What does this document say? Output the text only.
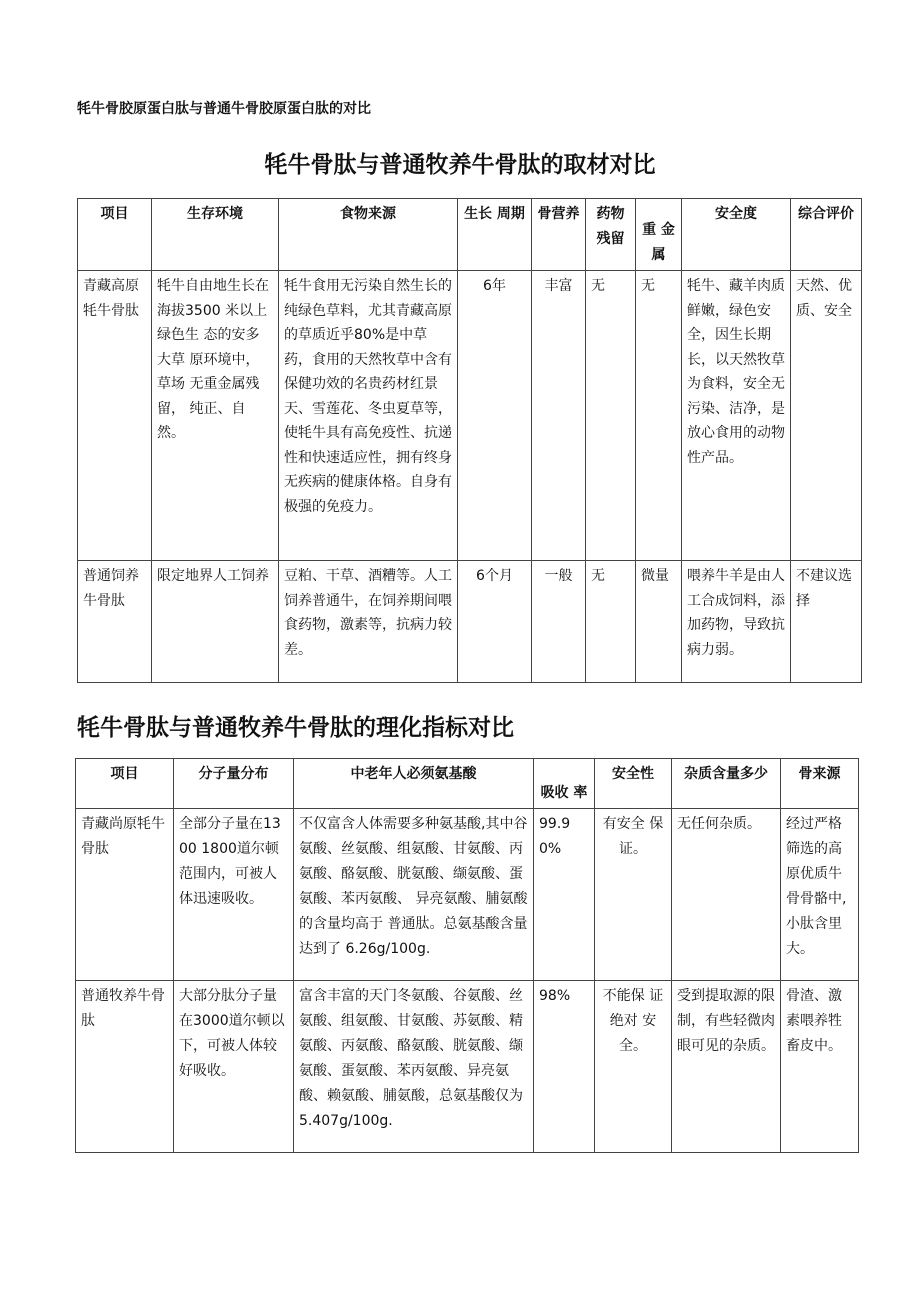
牦牛骨胶原蛋白肽与普通牛骨胶原蛋白肽的对比
牦牛骨肽与普通牧养牛骨肽的取材对比
项目	生存环境	食物来源	生长 周期	骨营养	药物残留	重 金属	安全度	综合评价
青藏高原牦牛骨肽	牦牛自由地生长在海拔3500 米以上绿色生 态的安多大草 原环境中，草场 无重金属残留， 纯正、自然。	牦牛食用无污染自然生长的纯绿色草料，尤其青藏高原的草质近乎80%是中草药，食用的天然牧草中含有保健功效的名贵药材红景天、雪莲花、冬虫夏草等，使牦牛具有高免疫性、抗递性和快速适应性，拥有终身无疾病的健康体格。自身有极强的免疫力。	6年	丰富	无	无	牦牛、藏羊肉质鲜嫩，绿色安全，因生长期长，以天然牧草为食料，安全无污染、洁净，是放心食用的动物性产品。	天然、优质、安全
普通饲养牛骨肽	限定地界人工饲养	豆粕、干草、酒糟等。人工饲养普通牛，在饲养期间喂食药物，激素等，抗病力较差。	6个月	一般	无	微量	喂养牛羊是由人工合成饲料，添加药物，导致抗病力弱。	不建议选择
牦牛骨肽与普通牧养牛骨肽的理化指标对比
项目	分子量分布	中老年人必须氨基酸	吸收 率	安全性	杂质含量多少	骨来源
青藏尚原牦牛骨肽	全部分子量在1300 1800道尔顿范围内，可被人体迅速吸收。	不仅富含人体需要多种氨基酸,其中谷氨酸、丝氨酸、组氨酸、甘氨酸、丙氨酸、酪氨酸、胱氨酸、缬氨酸、蛋氨酸、苯丙氨酸、 异亮氨酸、脯氨酸的含量均高于 普通肽。总氨基酸含量达到了 6.26g/100g.	99.90%	有安全 保证。	无任何杂质。	经过严格筛选的高原优质牛骨骨骼中,小肽含里大。
普通牧养牛骨肽	大部分肽分子量在3000道尔顿以下，可被人体较好吸收。	富含丰富的天门冬氨酸、谷氨酸、丝氨酸、组氨酸、甘氨酸、苏氨酸、精氨酸、丙氨酸、酪氨酸、胱氨酸、缬氨酸、蛋氨酸、苯丙氨酸、异亮氨酸、赖氨酸、脯氨酸，总氨基酸仅为5.407g/100g.	98%	不能保 证绝对 安全。	受到提取源的限制，有些轻微肉眼可见的杂质。	骨渣、激素喂养牲畜皮中。
